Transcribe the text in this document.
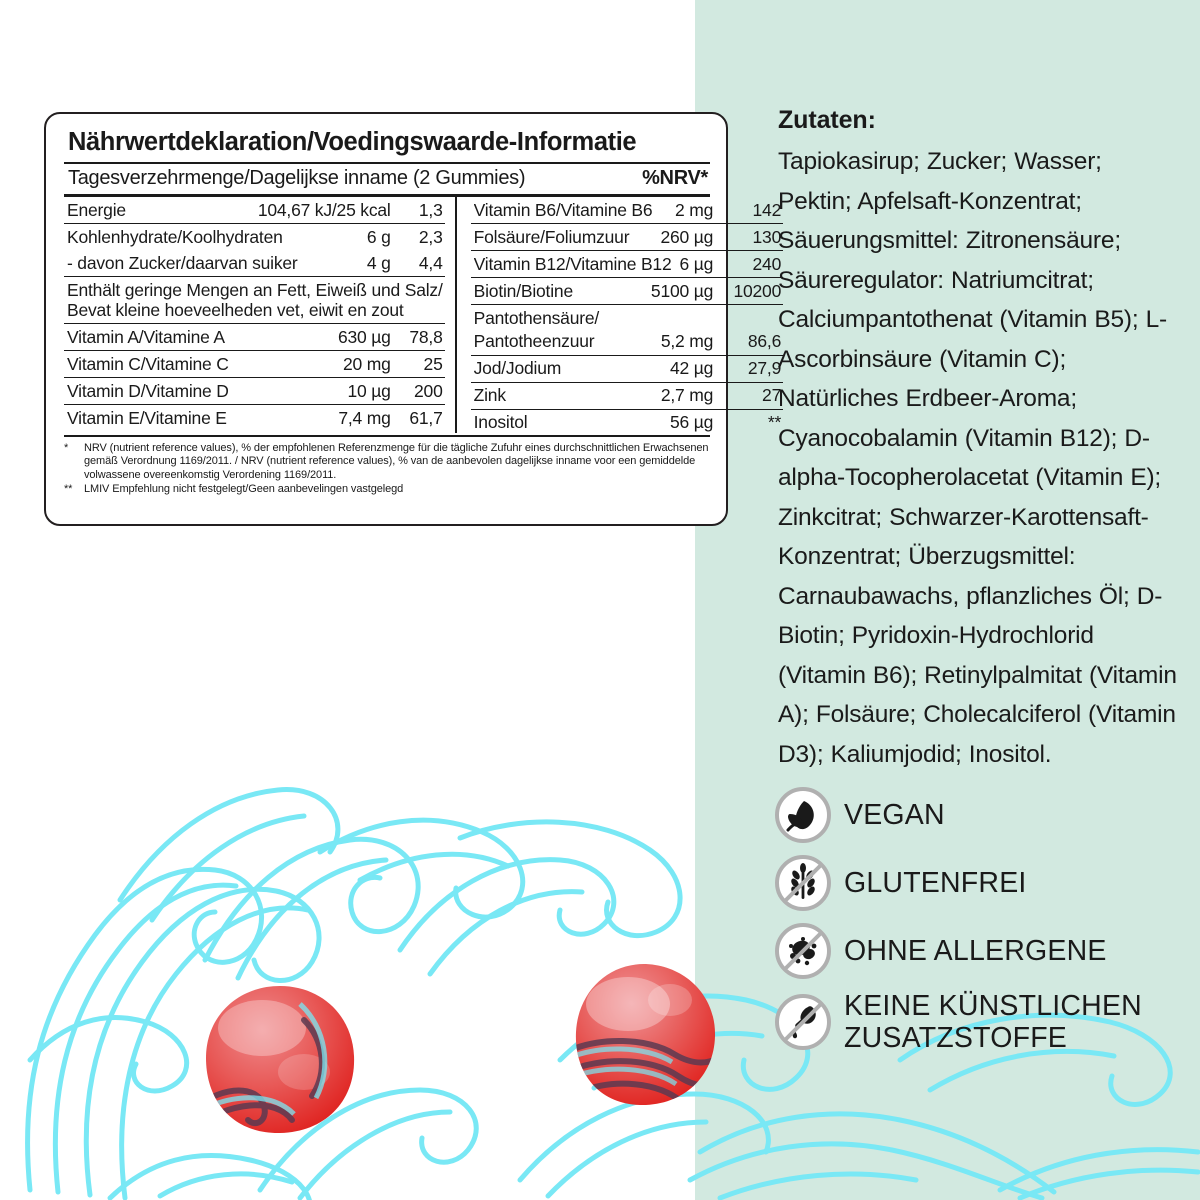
Nährwertdeklaration/Voedingswaarde-Informatie
Tagesverzehrmenge/Dagelijkse inname (2 Gummies)	%NRV*
Energie	104,67 kJ/25 kcal	1,3
Kohlenhydrate/Koolhydraten	6 g	2,3
- davon Zucker/daarvan suiker	4 g	4,4
Enthält geringe Mengen an Fett, Eiweiß und Salz/
Bevat kleine hoeveelheden vet, eiwit en zout
Vitamin A/Vitamine A	630 µg	78,8
Vitamin C/Vitamine C	20 mg	25
Vitamin D/Vitamine D	10 µg	200
Vitamin E/Vitamine E	7,4 mg	61,7
Vitamin B6/Vitamine B6	2 mg	142
Folsäure/Foliumzuur	260 µg	130
Vitamin B12/Vitamine B12 6 µg	240
Biotin/Biotine	5100 µg	10200
Pantothensäure/
Pantotheenzuur	5,2 mg	86,6
Jod/Jodium	42 µg	27,9
Zink	2,7 mg	27
Inositol	56 µg	**
*	NRV (nutrient reference values), % der empfohlenen Referenzmenge für die tägliche Zufuhr eines durchschnittlichen Erwachsenen gemäß Verordnung 1169/2011. / NRV (nutrient reference values), % van de aanbevolen dagelijkse inname voor een gemiddelde volwassene overeenkomstig Verordening 1169/2011.
**	LMIV Empfehlung nicht festgelegt/Geen aanbevelingen vastgelegd
Zutaten:
Tapiokasirup; Zucker; Wasser; Pektin; Apfelsaft-Konzentrat; Säuerungsmittel: Zitronensäure; Säureregulator: Natriumcitrat; Calciumpantothenat (Vitamin B5); L-Ascorbinsäure (Vitamin C); Natürliches Erdbeer-Aroma; Cyanocobalamin (Vitamin B12); D-alpha-Tocopherolacetat (Vitamin E); Zinkcitrat; Schwarzer-Karottensaft-Konzentrat; Überzugsmittel: Carnaubawachs, pflanzliches Öl; D-Biotin; Pyridoxin-Hydrochlorid (Vitamin B6); Retinylpalmitat (Vitamin A); Folsäure; Cholecalciferol (Vitamin D3); Kaliumjodid; Inositol.
VEGAN
GLUTENFREI
OHNE ALLERGENE
KEINE KÜNSTLICHEN ZUSATZSTOFFE
